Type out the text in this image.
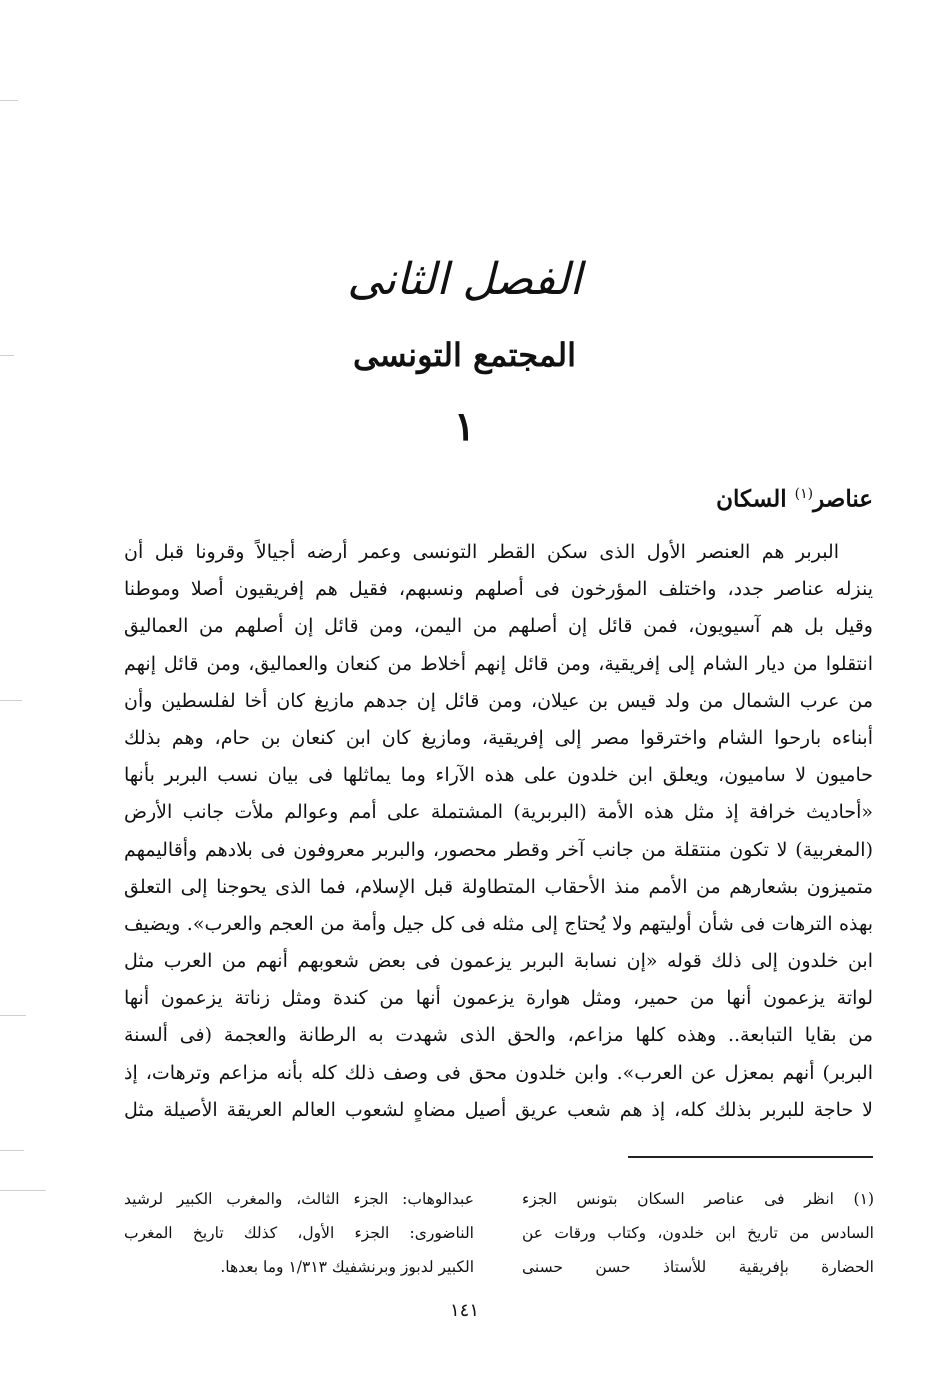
الفصل الثانى
المجتمع التونسى
١
عناصر$^{(١)}$ السكان
البربر هم العنصر الأول الذى سكن القطر التونسى وعمر أرضه أجيالاً وقرونا قبل أن
ينزله عناصر جدد، واختلف المؤرخون فى أصلهم ونسبهم، فقيل هم إفريقيون أصلا وموطنا
وقيل بل هم آسيويون، فمن قائل إن أصلهم من اليمن، ومن قائل إن أصلهم من العماليق
انتقلوا من ديار الشام إلى إفريقية، ومن قائل إنهم أخلاط من كنعان والعماليق، ومن قائل إنهم
من عرب الشمال من ولد قيس بن عيلان، ومن قائل إن جدهم مازيغ كان أخا لفلسطين وأن
أبناءه بارحوا الشام واخترقوا مصر إلى إفريقية، ومازيغ كان ابن كنعان بن حام، وهم بذلك
حاميون لا ساميون، ويعلق ابن خلدون على هذه الآراء وما يماثلها فى بيان نسب البربر بأنها
«أحاديث خرافة إذ مثل هذه الأمة (البربرية) المشتملة على أمم وعوالم ملأت جانب الأرض
(المغربية) لا تكون منتقلة من جانب آخر وقطر محصور، والبربر معروفون فى بلادهم وأقاليمهم
متميزون بشعارهم من الأمم منذ الأحقاب المتطاولة قبل الإسلام، فما الذى يحوجنا إلى التعلق
بهذه الترهات فى شأن أوليتهم ولا يُحتاج إلى مثله فى كل جيل وأمة من العجم والعرب». ويضيف
ابن خلدون إلى ذلك قوله «إن نسابة البربر يزعمون فى بعض شعوبهم أنهم من العرب مثل
لواتة يزعمون أنها من حمير، ومثل هوارة يزعمون أنها من كندة ومثل زناتة يزعمون أنها
من بقايا التبابعة.. وهذه كلها مزاعم، والحق الذى شهدت به الرطانة والعجمة (فى ألسنة
البربر) أنهم بمعزل عن العرب». وابن خلدون محق فى وصف ذلك كله بأنه مزاعم وترهات، إذ
لا حاجة للبربر بذلك كله، إذ هم شعب عريق أصيل مضاهٍ لشعوب العالم العريقة الأصيلة مثل
(١) انظر فى عناصر السكان بتونس الجزء
السادس من تاريخ ابن خلدون، وكتاب ورقات عن
الحضارة بإفريقية للأستاذ حسن حسنى
عبدالوهاب: الجزء الثالث، والمغرب الكبير لرشيد
الناضورى: الجزء الأول، كذلك تاريخ المغرب
الكبير لدبوز وبرنشفيك ١/٣١٣ وما بعدها.
١٤١
